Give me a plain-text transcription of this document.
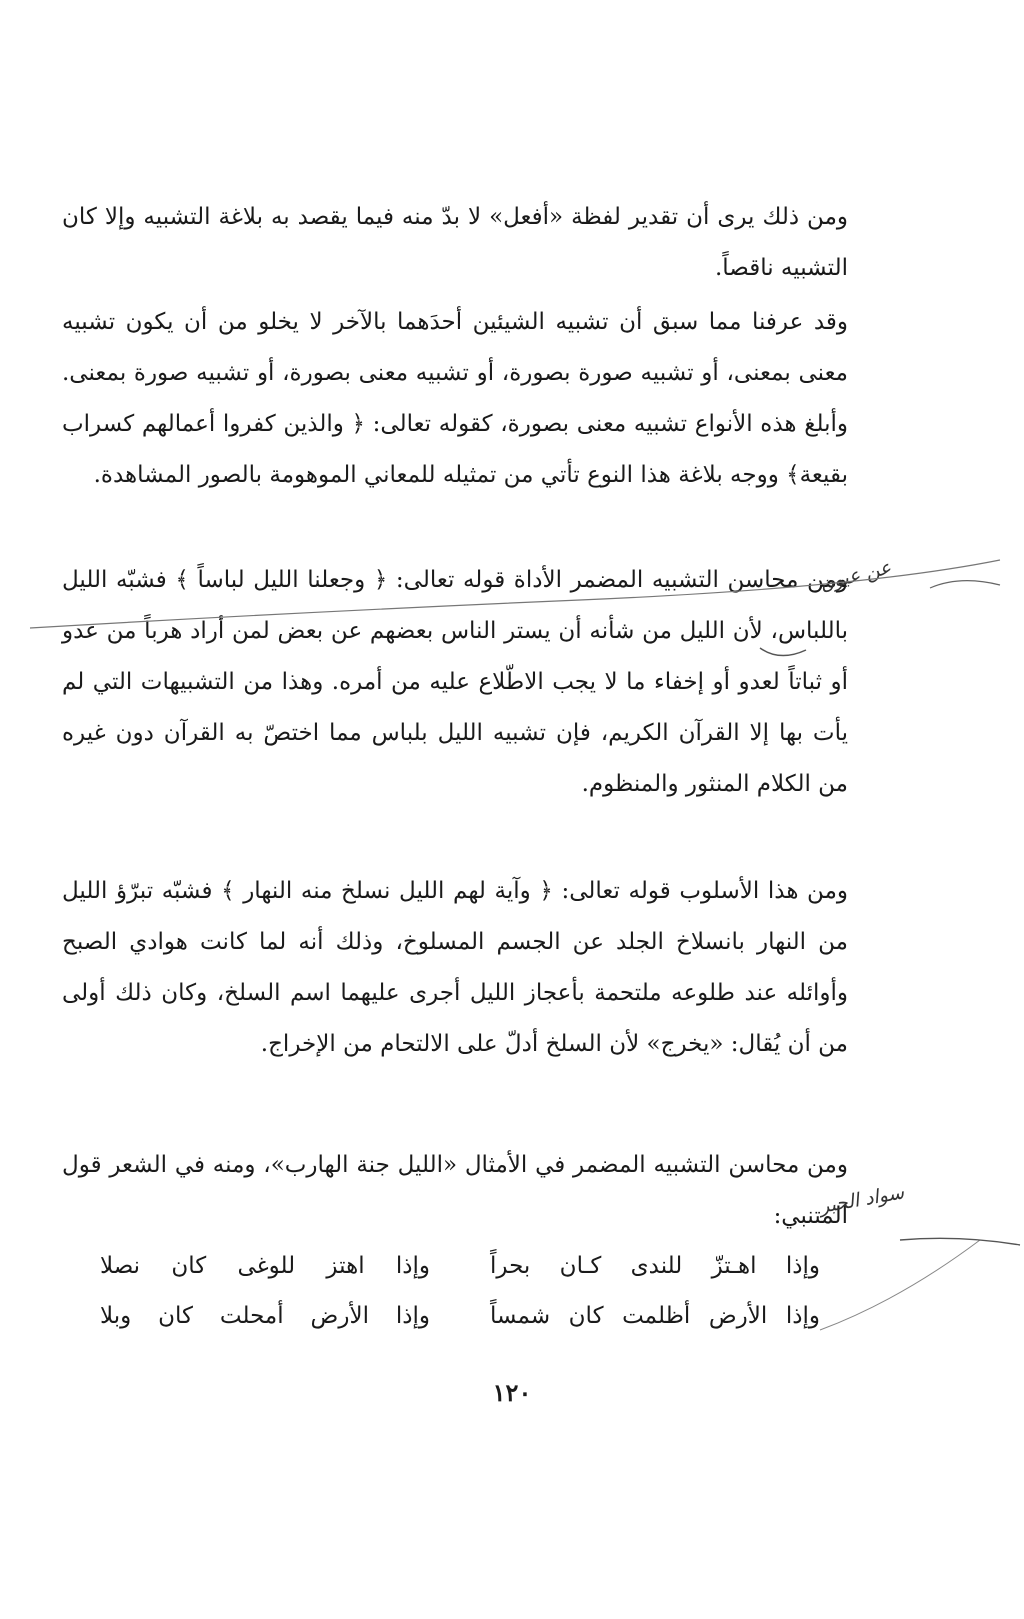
ومن ذلك يرى أن تقدير لفظة «أفعل» لا بدّ منه فيما يقصد به بلاغة التشبيه وإلا كان التشبيه ناقصاً.

وقد عرفنا مما سبق أن تشبيه الشيئين أحدَهما بالآخر لا يخلو من أن يكون تشبيه معنى بمعنى، أو تشبيه صورة بصورة، أو تشبيه معنى بصورة، أو تشبيه صورة بمعنى. وأبلغ هذه الأنواع تشبيه معنى بصورة، كقوله تعالى: ﴿ والذين كفروا أعمالهم كسراب بقيعة﴾ ووجه بلاغة هذا النوع تأتي من تمثيله للمعاني الموهومة بالصور المشاهدة.

ومن محاسن التشبيه المضمر الأداة قوله تعالى: ﴿ وجعلنا الليل لباساً ﴾ فشبّه الليل باللباس، لأن الليل من شأنه أن يستر الناس بعضهم عن بعض لمن أراد هرباً من عدو أو ثباتاً لعدو أو إخفاء ما لا يجب الاطّلاع عليه من أمره. وهذا من التشبيهات التي لم يأت بها إلا القرآن الكريم، فإن تشبيه الليل بلباس مما اختصّ به القرآن دون غيره من الكلام المنثور والمنظوم.

ومن هذا الأسلوب قوله تعالى: ﴿ وآية لهم الليل نسلخ منه النهار ﴾ فشبّه تبرّؤ الليل من النهار بانسلاخ الجلد عن الجسم المسلوخ، وذلك أنه لما كانت هوادي الصبح وأوائله عند طلوعه ملتحمة بأعجاز الليل أجرى عليهما اسم السلخ، وكان ذلك أولى من أن يُقال: «يخرج» لأن السلخ أدلّ على الالتحام من الإخراج.

ومن محاسن التشبيه المضمر في الأمثال «الليل جنة الهارب»، ومنه في الشعر قول المتنبي:

وإذا اهـتزّ للندى كـان بحراً
وإذا اهتز للوغى كان نصلا
وإذا الأرض أظلمت كان شمساً
وإذا الأرض أمحلت كان وبلا
١٢٠
عن عيون
سواد الحبر
